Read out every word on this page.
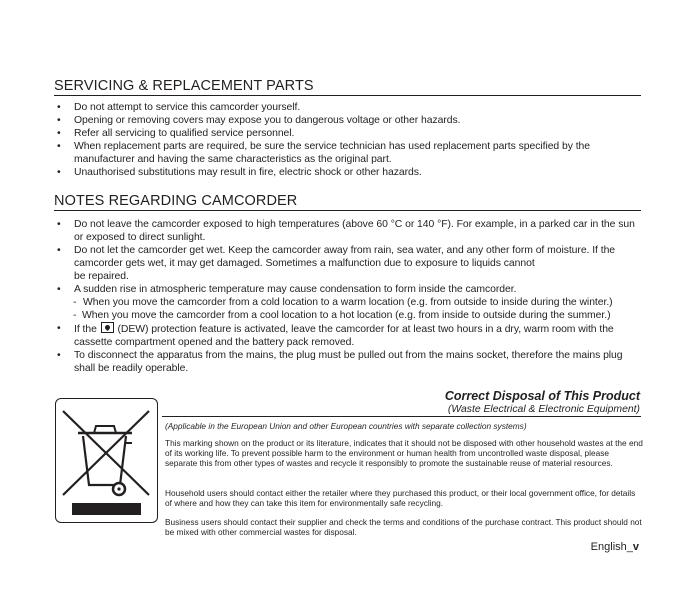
SERVICING & REPLACEMENT PARTS
• Do not attempt to service this camcorder yourself.
• Opening or removing covers may expose you to dangerous voltage or other hazards.
• Refer all servicing to qualified service personnel.
• When replacement parts are required, be sure the service technician has used replacement parts specified by the manufacturer and having the same characteristics as the original part.
• Unauthorised substitutions may result in fire, electric shock or other hazards.
NOTES REGARDING CAMCORDER
• Do not leave the camcorder exposed to high temperatures (above 60 °C or 140 °F). For example, in a parked car in the sun or exposed to direct sunlight.
• Do not let the camcorder get wet. Keep the camcorder away from rain, sea water, and any other form of moisture. If the camcorder gets wet, it may get damaged. Sometimes a malfunction due to exposure to liquids cannot
be repaired.
• A sudden rise in atmospheric temperature may cause condensation to form inside the camcorder.
- When you move the camcorder from a cold location to a warm location (e.g. from outside to inside during the winter.)
- When you move the camcorder from a cool location to a hot location (e.g. from inside to outside during the summer.)
• If the (DEW) protection feature is activated, leave the camcorder for at least two hours in a dry, warm room with the cassette compartment opened and the battery pack removed.
• To disconnect the apparatus from the mains, the plug must be pulled out from the mains socket, therefore the mains plug shall be readily operable.
Correct Disposal of This Product
(Waste Electrical & Electronic Equipment)
(Applicable in the European Union and other European countries with separate collection systems)
This marking shown on the product or its literature, indicates that it should not be disposed with other household wastes at the end of its working life. To prevent possible harm to the environment or human health from uncontrolled waste disposal, please separate this from other types of wastes and recycle it responsibly to promote the sustainable reuse of material resources.
Household users should contact either the retailer where they purchased this product, or their local government office, for details of where and how they can take this item for environmentally safe recycling.
Business users should contact their supplier and check the terms and conditions of the purchase contract. This product should not be mixed with other commercial wastes for disposal.
English_v
